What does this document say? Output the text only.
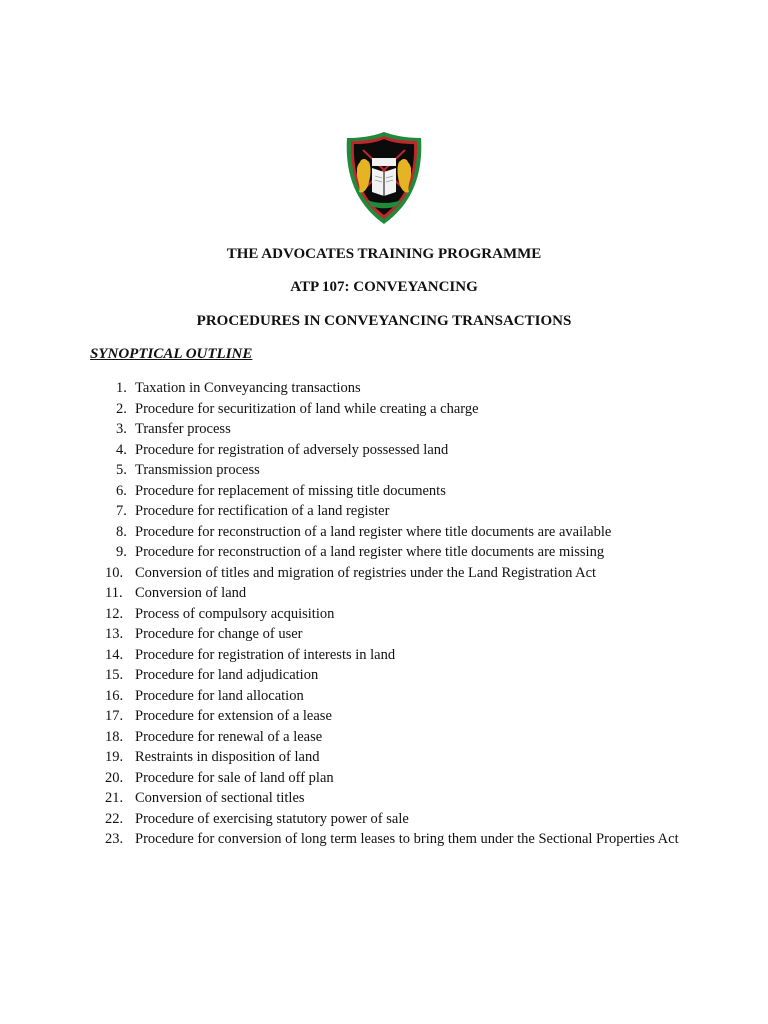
THE ADVOCATES TRAINING PROGRAMME
ATP 107: CONVEYANCING
PROCEDURES IN CONVEYANCING TRANSACTIONS
SYNOPTICAL OUTLINE
1. Taxation in Conveyancing transactions
2. Procedure for securitization of land while creating a charge
3. Transfer process
4. Procedure for registration of adversely possessed land
5. Transmission process
6. Procedure for replacement of missing title documents
7. Procedure for rectification of a land register
8. Procedure for reconstruction of a land register where title documents are available
9. Procedure for reconstruction of a land register where title documents are missing
10. Conversion of titles and migration of registries under the Land Registration Act
11. Conversion of land
12. Process of compulsory acquisition
13. Procedure for change of user
14. Procedure for registration of interests in land
15. Procedure for land adjudication
16. Procedure for land allocation
17. Procedure for extension of a lease
18. Procedure for renewal of a lease
19. Restraints in disposition of land
20. Procedure for sale of land off plan
21. Conversion of sectional titles
22. Procedure of exercising statutory power of sale
23. Procedure for conversion of long term leases to bring them under the Sectional Properties Act
